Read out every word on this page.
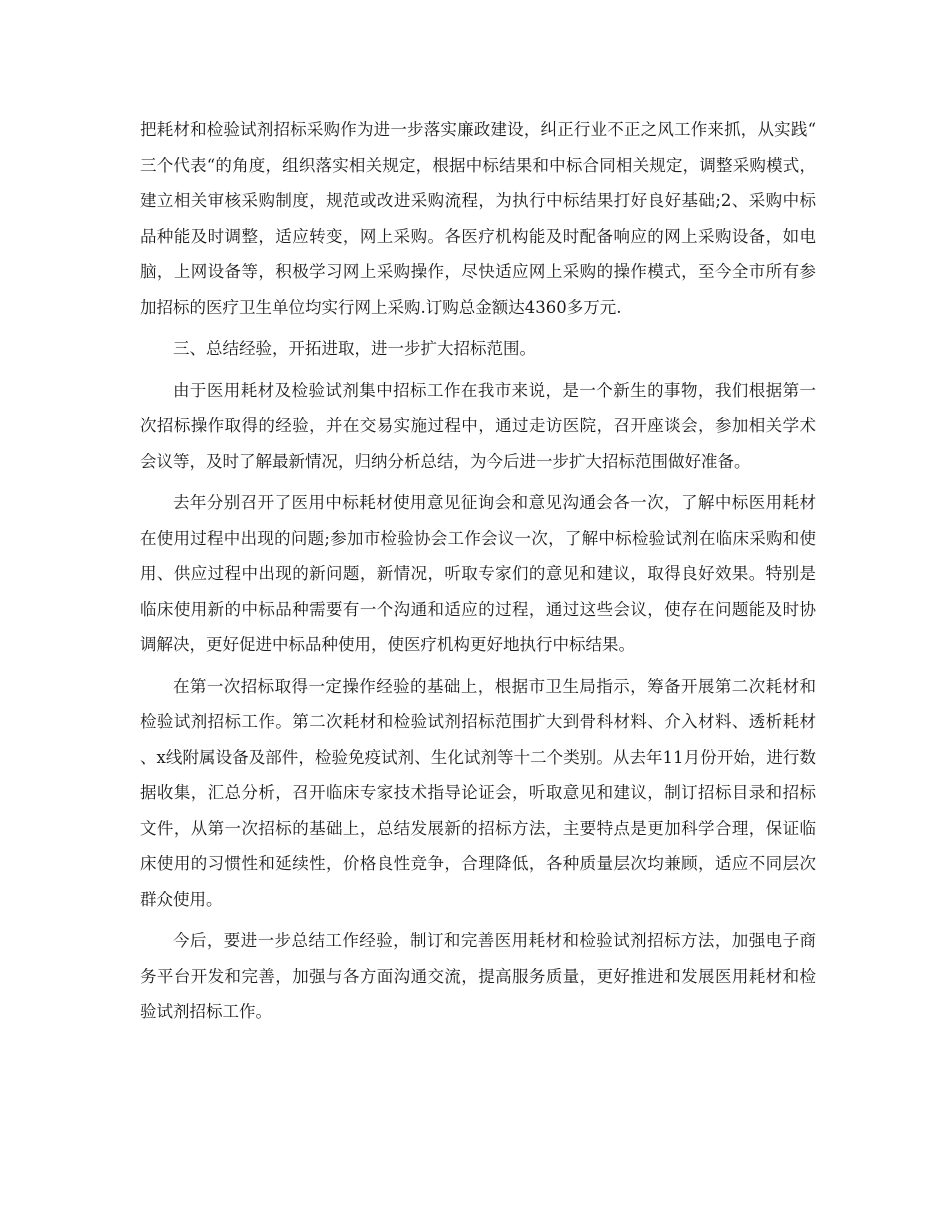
把耗材和检验试剂招标采购作为进一步落实廉政建设，纠正行业不正之风工作来抓，从实践“三个代表“的角度，组织落实相关规定，根据中标结果和中标合同相关规定，调整采购模式，建立相关审核采购制度，规范或改进采购流程，为执行中标结果打好良好基础;2、采购中标品种能及时调整，适应转变，网上采购。各医疗机构能及时配备响应的网上采购设备，如电脑，上网设备等，积极学习网上采购操作，尽快适应网上采购的操作模式，至今全市所有参加招标的医疗卫生单位均实行网上采购.订购总金额达4360多万元.

三、总结经验，开拓进取，进一步扩大招标范围。

由于医用耗材及检验试剂集中招标工作在我市来说，是一个新生的事物，我们根据第一次招标操作取得的经验，并在交易实施过程中，通过走访医院，召开座谈会，参加相关学术会议等，及时了解最新情况，归纳分析总结，为今后进一步扩大招标范围做好准备。

去年分别召开了医用中标耗材使用意见征询会和意见沟通会各一次，了解中标医用耗材在使用过程中出现的问题;参加市检验协会工作会议一次，了解中标检验试剂在临床采购和使用、供应过程中出现的新问题，新情况，听取专家们的意见和建议，取得良好效果。特别是临床使用新的中标品种需要有一个沟通和适应的过程，通过这些会议，使存在问题能及时协调解决，更好促进中标品种使用，使医疗机构更好地执行中标结果。

在第一次招标取得一定操作经验的基础上，根据市卫生局指示，筹备开展第二次耗材和检验试剂招标工作。第二次耗材和检验试剂招标范围扩大到骨科材料、介入材料、透析耗材、x线附属设备及部件，检验免疫试剂、生化试剂等十二个类别。从去年11月份开始，进行数据收集，汇总分析，召开临床专家技术指导论证会，听取意见和建议，制订招标目录和招标文件，从第一次招标的基础上，总结发展新的招标方法，主要特点是更加科学合理，保证临床使用的习惯性和延续性，价格良性竞争，合理降低，各种质量层次均兼顾，适应不同层次群众使用。

今后，要进一步总结工作经验，制订和完善医用耗材和检验试剂招标方法，加强电子商务平台开发和完善，加强与各方面沟通交流，提高服务质量，更好推进和发展医用耗材和检验试剂招标工作。
